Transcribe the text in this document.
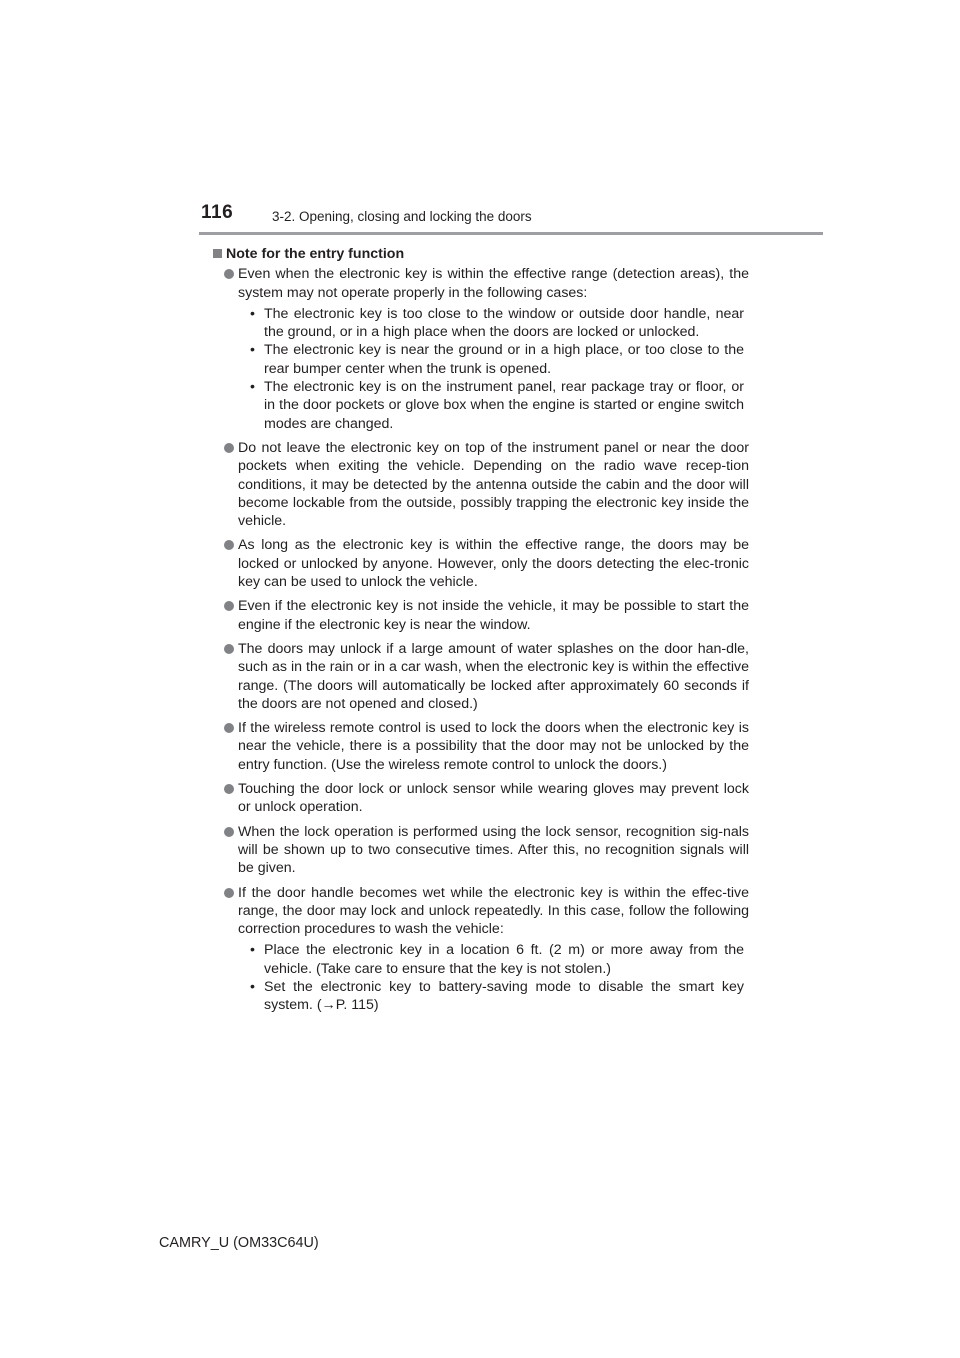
116	3-2. Opening, closing and locking the doors
Note for the entry function
Even when the electronic key is within the effective range (detection areas), the system may not operate properly in the following cases:
• The electronic key is too close to the window or outside door handle, near the ground, or in a high place when the doors are locked or unlocked.
• The electronic key is near the ground or in a high place, or too close to the rear bumper center when the trunk is opened.
• The electronic key is on the instrument panel, rear package tray or floor, or in the door pockets or glove box when the engine is started or engine switch modes are changed.
Do not leave the electronic key on top of the instrument panel or near the door pockets when exiting the vehicle. Depending on the radio wave recep-tion conditions, it may be detected by the antenna outside the cabin and the door will become lockable from the outside, possibly trapping the electronic key inside the vehicle.
As long as the electronic key is within the effective range, the doors may be locked or unlocked by anyone. However, only the doors detecting the elec-tronic key can be used to unlock the vehicle.
Even if the electronic key is not inside the vehicle, it may be possible to start the engine if the electronic key is near the window.
The doors may unlock if a large amount of water splashes on the door han-dle, such as in the rain or in a car wash, when the electronic key is within the effective range. (The doors will automatically be locked after approximately 60 seconds if the doors are not opened and closed.)
If the wireless remote control is used to lock the doors when the electronic key is near the vehicle, there is a possibility that the door may not be unlocked by the entry function. (Use the wireless remote control to unlock the doors.)
Touching the door lock or unlock sensor while wearing gloves may prevent lock or unlock operation.
When the lock operation is performed using the lock sensor, recognition sig-nals will be shown up to two consecutive times. After this, no recognition signals will be given.
If the door handle becomes wet while the electronic key is within the effec-tive range, the door may lock and unlock repeatedly. In this case, follow the following correction procedures to wash the vehicle:
• Place the electronic key in a location 6 ft. (2 m) or more away from the vehicle. (Take care to ensure that the key is not stolen.)
• Set the electronic key to battery-saving mode to disable the smart key system. (→P. 115)
CAMRY_U (OM33C64U)
